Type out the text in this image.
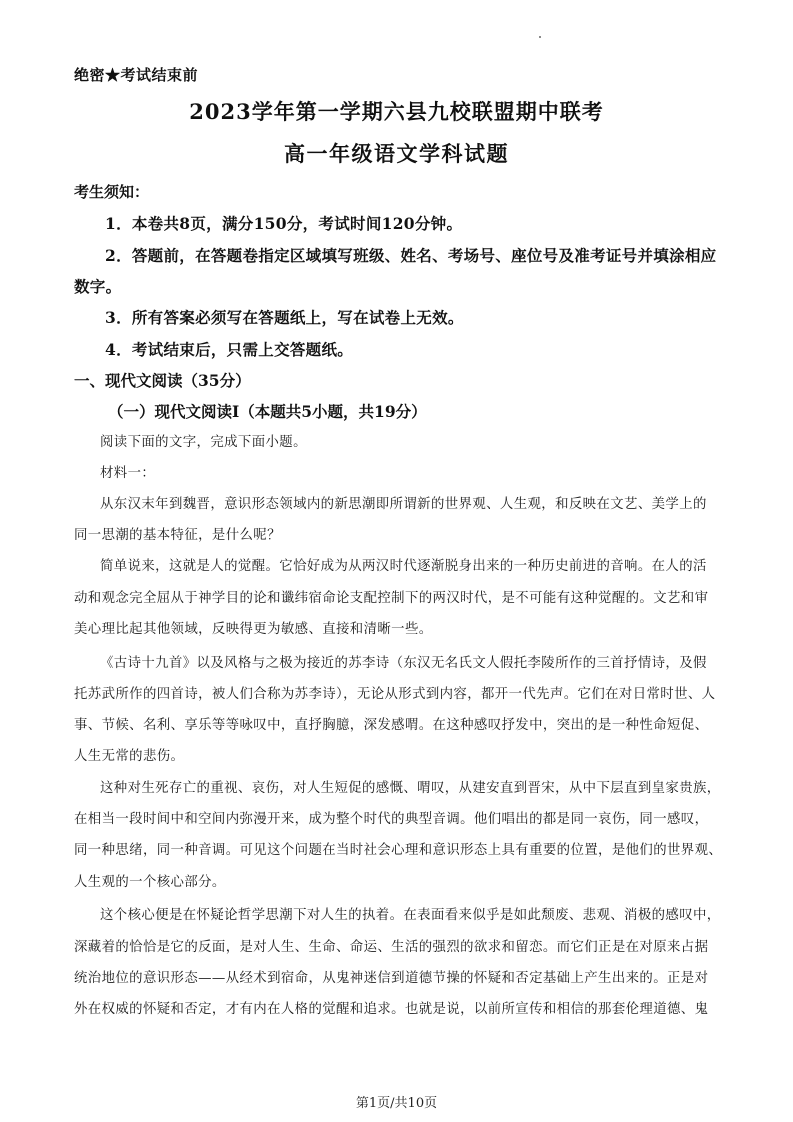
绝密★考试结束前
2023学年第一学期六县九校联盟期中联考
高一年级语文学科试题
考生须知：
1．本卷共8页，满分150分，考试时间120分钟。
2．答题前，在答题卷指定区域填写班级、姓名、考场号、座位号及准考证号并填涂相应
数字。
3．所有答案必须写在答题纸上，写在试卷上无效。
4．考试结束后，只需上交答题纸。
一、现代文阅读（35分）
（一）现代文阅读Ⅰ（本题共5小题，共19分）
阅读下面的文字，完成下面小题。
材料一：
从东汉末年到魏晋，意识形态领域内的新思潮即所谓新的世界观、人生观，和反映在文艺、美学上的
同一思潮的基本特征，是什么呢？
简单说来，这就是人的觉醒。它恰好成为从两汉时代逐渐脱身出来的一种历史前进的音响。在人的活
动和观念完全屈从于神学目的论和谶纬宿命论支配控制下的两汉时代，是不可能有这种觉醒的。文艺和审
美心理比起其他领域，反映得更为敏感、直接和清晰一些。
《古诗十九首》以及风格与之极为接近的苏李诗（东汉无名氏文人假托李陵所作的三首抒情诗，及假
托苏武所作的四首诗，被人们合称为苏李诗），无论从形式到内容，都开一代先声。它们在对日常时世、人
事、节候、名利、享乐等等咏叹中，直抒胸臆，深发感喟。在这种感叹抒发中，突出的是一种性命短促、
人生无常的悲伤。
这种对生死存亡的重视、哀伤，对人生短促的感慨、喟叹，从建安直到晋宋，从中下层直到皇家贵族，
在相当一段时间中和空间内弥漫开来，成为整个时代的典型音调。他们唱出的都是同一哀伤，同一感叹，
同一种思绪，同一种音调。可见这个问题在当时社会心理和意识形态上具有重要的位置，是他们的世界观、
人生观的一个核心部分。
这个核心便是在怀疑论哲学思潮下对人生的执着。在表面看来似乎是如此颓废、悲观、消极的感叹中，
深藏着的恰恰是它的反面，是对人生、生命、命运、生活的强烈的欲求和留恋。而它们正是在对原来占据
统治地位的意识形态——从经术到宿命，从鬼神迷信到道德节操的怀疑和否定基础上产生出来的。正是对
外在权威的怀疑和否定，才有内在人格的觉醒和追求。也就是说，以前所宣传和相信的那套伦理道德、鬼
第1页/共10页
